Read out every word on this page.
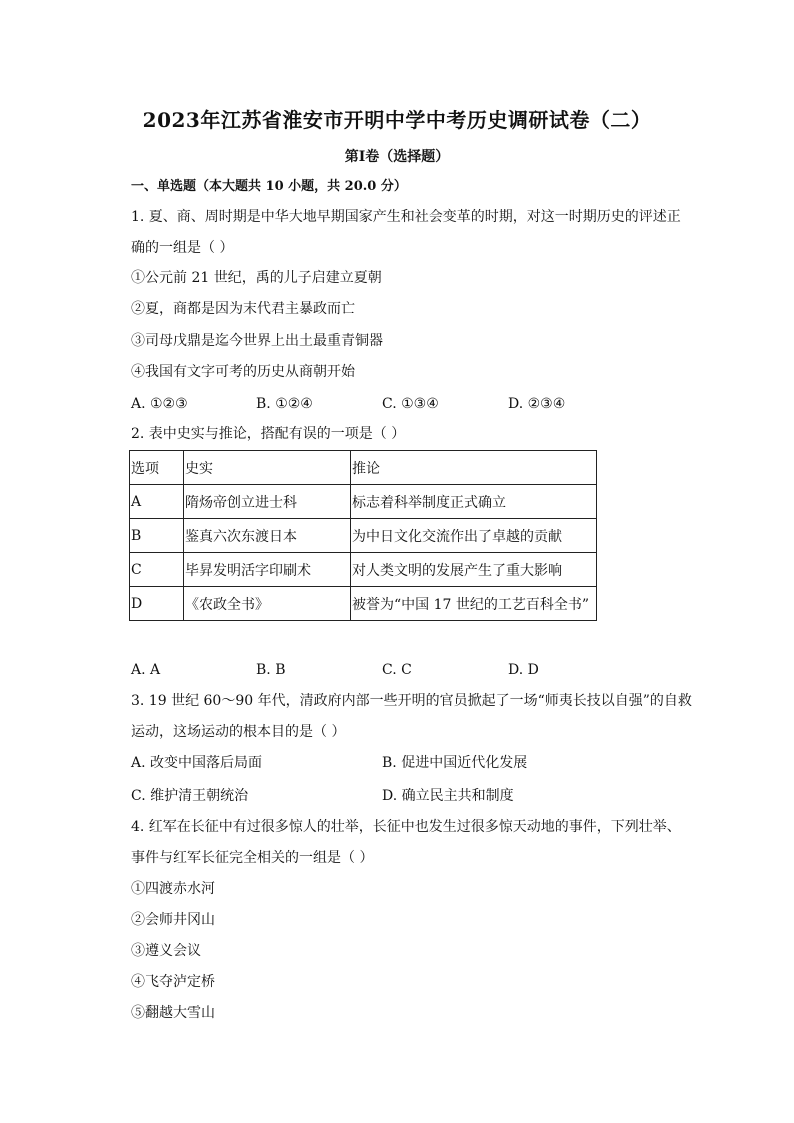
2023年江苏省淮安市开明中学中考历史调研试卷（二）
第I卷（选择题）
一、单选题（本大题共 10 小题，共 20.0 分）
1. 夏、商、周时期是中华大地早期国家产生和社会变革的时期，对这一时期历史的评述正
确的一组是（ ）
①公元前 21 世纪，禹的儿子启建立夏朝
②夏，商都是因为末代君主暴政而亡
③司母戊鼎是迄今世界上出土最重青铜器
④我国有文字可考的历史从商朝开始
A. ①②③	B. ①②④	C. ①③④	D. ②③④
2. 表中史实与推论，搭配有误的一项是（ ）
选项	史实	推论
A	隋炀帝创立进士科	标志着科举制度正式确立
B	鉴真六次东渡日本	为中日文化交流作出了卓越的贡献
C	毕昇发明活字印刷术	对人类文明的发展产生了重大影响
D	《农政全书》	被誉为“中国 17 世纪的工艺百科全书”
A. A	B. B	C. C	D. D
3. 19 世纪 60～90 年代，清政府内部一些开明的官员掀起了一场“师夷长技以自强”的自救
运动，这场运动的根本目的是（ ）
A. 改变中国落后局面	B. 促进中国近代化发展
C. 维护清王朝统治	D. 确立民主共和制度
4. 红军在长征中有过很多惊人的壮举，长征中也发生过很多惊天动地的事件，下列壮举、
事件与红军长征完全相关的一组是（ ）
①四渡赤水河
②会师井冈山
③遵义会议
④飞夺泸定桥
⑤翻越大雪山
